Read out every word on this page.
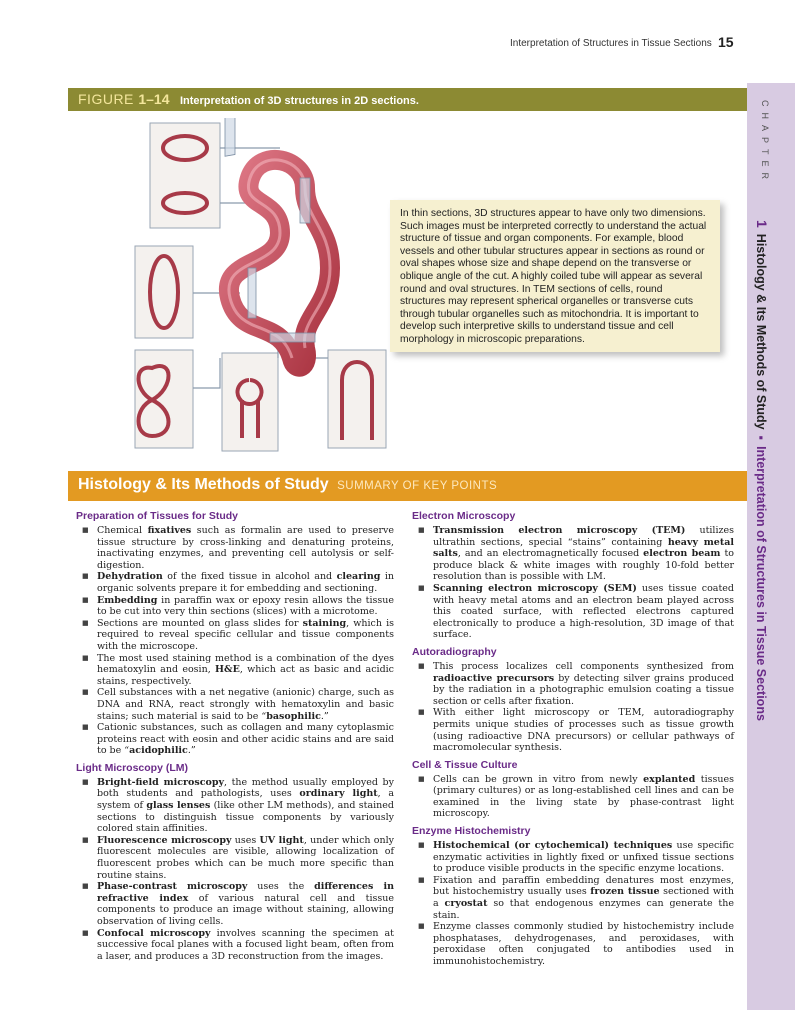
Interpretation of Structures in Tissue Sections 15
CHAPTER
1Histology & Its Methods of Study▪Interpretation of Structures in Tissue Sections
FIGURE 1–14 Interpretation of 3D structures in 2D sections.
In thin sections, 3D structures appear to have only two dimensions. Such images must be interpreted correctly to understand the actual structure of tissue and organ components. For example, blood vessels and other tubular structures appear in sections as round or oval shapes whose size and shape depend on the transverse or oblique angle of the cut. A highly coiled tube will appear as several round and oval structures. In TEM sections of cells, round structures may represent spherical organelles or transverse cuts through tubular organelles such as mitochondria. It is important to develop such interpretive skills to understand tissue and cell morphology in microscopic preparations.
Histology & Its Methods of Study SUMMARY OF KEY POINTS
Preparation of Tissues for Study
■ Chemical fixatives such as formalin are used to preserve tissue structure by cross-linking and denaturing proteins, inactivating enzymes, and preventing cell autolysis or self-digestion.
■ Dehydration of the fixed tissue in alcohol and clearing in organic solvents prepare it for embedding and sectioning.
■ Embedding in paraffin wax or epoxy resin allows the tissue to be cut into very thin sections (slices) with a microtome.
■ Sections are mounted on glass slides for staining, which is required to reveal specific cellular and tissue components with the microscope.
■ The most used staining method is a combination of the dyes hematoxylin and eosin, H&E, which act as basic and acidic stains, respectively.
■ Cell substances with a net negative (anionic) charge, such as DNA and RNA, react strongly with hematoxylin and basic stains; such material is said to be “basophilic.”
■ Cationic substances, such as collagen and many cytoplasmic proteins react with eosin and other acidic stains and are said to be “acidophilic.”
Light Microscopy (LM)
■ Bright-field microscopy, the method usually employed by both students and pathologists, uses ordinary light, a system of glass lenses (like other LM methods), and stained sections to distinguish tissue components by variously colored stain affinities.
■ Fluorescence microscopy uses UV light, under which only fluorescent molecules are visible, allowing localization of fluorescent probes which can be much more specific than routine stains.
■ Phase-contrast microscopy uses the differences in refractive index of various natural cell and tissue components to produce an image without staining, allowing observation of living cells.
■ Confocal microscopy involves scanning the specimen at successive focal planes with a focused light beam, often from a laser, and produces a 3D reconstruction from the images.
Electron Microscopy
■ Transmission electron microscopy (TEM) utilizes ultrathin sections, special “stains” containing heavy metal salts, and an electromagnetically focused electron beam to produce black & white images with roughly 10-fold better resolution than is possible with LM.
■ Scanning electron microscopy (SEM) uses tissue coated with heavy metal atoms and an electron beam played across this coated surface, with reflected electrons captured electronically to produce a high-resolution, 3D image of that surface.
Autoradiography
■ This process localizes cell components synthesized from radioactive precursors by detecting silver grains produced by the radiation in a photographic emulsion coating a tissue section or cells after fixation.
■ With either light microscopy or TEM, autoradiography permits unique studies of processes such as tissue growth (using radioactive DNA precursors) or cellular pathways of macromolecular synthesis.
Cell & Tissue Culture
■ Cells can be grown in vitro from newly explanted tissues (primary cultures) or as long-established cell lines and can be examined in the living state by phase-contrast light microscopy.
Enzyme Histochemistry
■ Histochemical (or cytochemical) techniques use specific enzymatic activities in lightly fixed or unfixed tissue sections to produce visible products in the specific enzyme locations.
■ Fixation and paraffin embedding denatures most enzymes, but histochemistry usually uses frozen tissue sectioned with a cryostat so that endogenous enzymes can generate the stain.
■ Enzyme classes commonly studied by histochemistry include phosphatases, dehydrogenases, and peroxidases, with peroxidase often conjugated to antibodies used in immunohistochemistry.
